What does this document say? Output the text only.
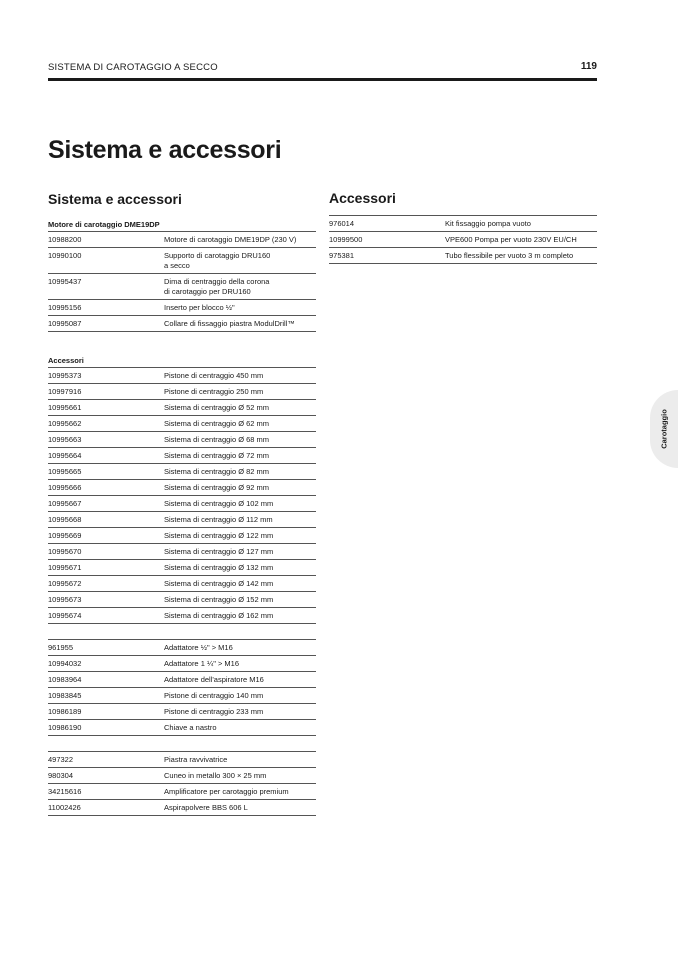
SISTEMA DI CAROTAGGIO A SECCO	119
Sistema e accessori
Sistema e accessori
Motore di carotaggio DME19DP
10988200	Motore di carotaggio DME19DP (230 V)
10990100	Supporto di carotaggio DRU160
a secco
10995437	Dima di centraggio della corona
di carotaggio per DRU160
10995156	Inserto per blocco ½"
10995087	Collare di fissaggio piastra ModulDrill™
Accessori
10995373	Pistone di centraggio 450 mm
10997916	Pistone di centraggio 250 mm
10995661	Sistema di centraggio Ø 52 mm
10995662	Sistema di centraggio Ø 62 mm
10995663	Sistema di centraggio Ø 68 mm
10995664	Sistema di centraggio Ø 72 mm
10995665	Sistema di centraggio Ø 82 mm
10995666	Sistema di centraggio Ø 92 mm
10995667	Sistema di centraggio Ø 102 mm
10995668	Sistema di centraggio Ø 112 mm
10995669	Sistema di centraggio Ø 122 mm
10995670	Sistema di centraggio Ø 127 mm
10995671	Sistema di centraggio Ø 132 mm
10995672	Sistema di centraggio Ø 142 mm
10995673	Sistema di centraggio Ø 152 mm
10995674	Sistema di centraggio Ø 162 mm
961955	Adattatore ½" > M16
10994032	Adattatore 1 ¼" > M16
10983964	Adattatore dell'aspiratore M16
10983845	Pistone di centraggio 140 mm
10986189	Pistone di centraggio 233 mm
10986190	Chiave a nastro
497322	Piastra ravvivatrice
980304	Cuneo in metallo 300 × 25 mm
34215616	Amplificatore per carotaggio premium
11002426	Aspirapolvere BBS 606 L
Accessori
976014	Kit fissaggio pompa vuoto
10999500	VPE600 Pompa per vuoto 230V EU/CH
975381	Tubo flessibile per vuoto 3 m completo
Carotaggio
